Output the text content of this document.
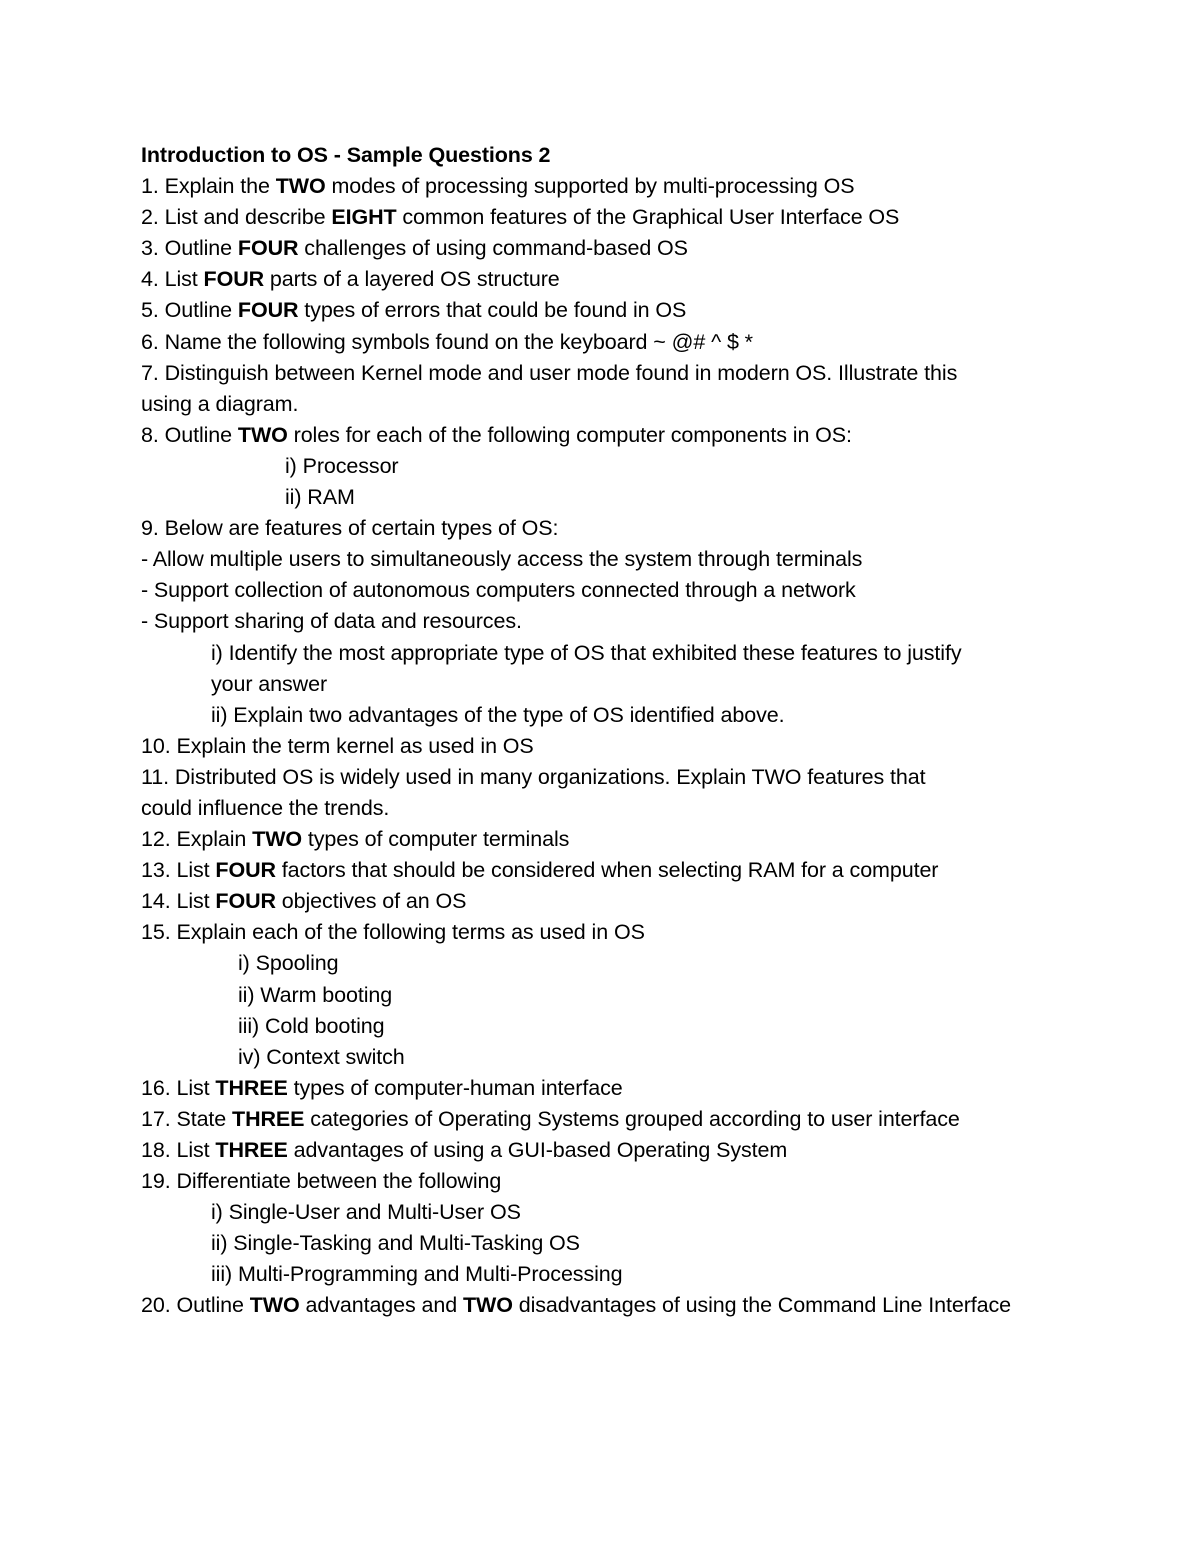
Introduction to OS - Sample Questions 2
1. Explain the TWO modes of processing supported by multi-processing OS
2. List and describe EIGHT common features of the Graphical User Interface OS
3. Outline FOUR challenges of using command-based OS
4. List FOUR parts of a layered OS structure
5. Outline FOUR types of errors that could be found in OS
6. Name the following symbols found on the keyboard ~ @# ^ $ *
7. Distinguish between Kernel mode and user mode found in modern OS. Illustrate this
using a diagram.
8. Outline TWO roles for each of the following computer components in OS:
i) Processor
ii) RAM
9. Below are features of certain types of OS:
- Allow multiple users to simultaneously access the system through terminals
- Support collection of autonomous computers connected through a network
- Support sharing of data and resources.
i) Identify the most appropriate type of OS that exhibited these features to justify
your answer
ii) Explain two advantages of the type of OS identified above.
10. Explain the term kernel as used in OS
11. Distributed OS is widely used in many organizations. Explain TWO features that
could influence the trends.
12. Explain TWO types of computer terminals
13. List FOUR factors that should be considered when selecting RAM for a computer
14. List FOUR objectives of an OS
15. Explain each of the following terms as used in OS
i) Spooling
ii) Warm booting
iii) Cold booting
iv) Context switch
16. List THREE types of computer-human interface
17. State THREE categories of Operating Systems grouped according to user interface
18. List THREE advantages of using a GUI-based Operating System
19. Differentiate between the following
i) Single-User and Multi-User OS
ii) Single-Tasking and Multi-Tasking OS
iii) Multi-Programming and Multi-Processing
20. Outline TWO advantages and TWO disadvantages of using the Command Line Interface
